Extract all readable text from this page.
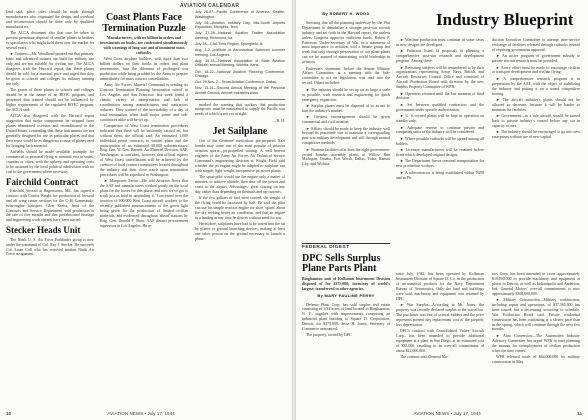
AVIATION CALENDAR

land said, place sales should be made through manufacturers who originated the design, and overhaul and reconversion should be done only by qualified manufacturers.

The ACCA document also that care be taken to prevent premature disposal of smaller planes to brokers or speculators who might hold them over the market for several years.

► Trainers—Mr. Woodhead pointed out that primary, basic and advanced trainers are built for military use only and are not suitable for civilian use. The ACCA disagrees with the Harvard report that these planes should be sold for a nominal price and urged that they be given to schools and colleges for military training use only.

The grants of these planes to schools and colleges should be in the nature of an ROTC program, and personnel thus trained should not be influenced by higher requirements of the regulated ROTC program, the ACCA said.

ACCA also disagreed with the Harvard report suggestion that major components be stripped from planes abandoned overseas and reconditioned in the United States, contending that these instruments are not generally designed for use in particular places and that their reuse would be as dangerous a reuse of planes used for bringing back material.

Airfields should be made available promptly for commercial or personal flying at nominal cost to states, counties or cities, with the upkeep and operating costs to be assumed by the local political subdivision with no cost to the government where necessary.

Fairchild Contract

Fairchild Aircraft at Hagerstown, Md., has signed a contract with Curtiss-Wright for production of forward and aft wing center sections for the C-46 Commando, twin-engine transport. Glen Kreiss, head of the Contracts and Service Department, said production at the rate of five months and that prefabricated fuselage and engineering work already have been started.

Stecker Heads Unit

The Ninth U. S. Air Force Pathfinder group is now under the command of Col. Ray J. Stecker. He succeeds Col. Lauer Coll who has received another Ninth Air Force assignment.

Coast Plants Face Termination Puzzle

Manufacturers, with no billion in orders and investments on books, are confronted simultaneously with warnings of long war and of imminent mass cutbacks.

West Coast airplane builders, with more than two billion dollars on their books in orders and plant investments, face the dilemma of prolonged war production while being prodded by the Army to prepare immediately for mass contract cancellations.

Army Air Forces Materiel Command is sending its Contract Termination Planning 'termination school' to Los Angeles and San Francisco last week found a chaotic variety of interpretation and lack of coordination among manufacturers and contractors reducers. They warned of the inevitability of a day of total termination when both major prime and sub-contractors alike will be set up.

Comparison of West Coast termination procedures indicated that these will be uniformly carried on, but without them, the official said. An estimated 1,000 individual prime contracts to written plans and the participation of an estimated 50,000 subcontractors. Brig. Gen. W. Gen. Barnett, Air Materiel Division, AAF, Washington, is confident, however, that official aspects of West Coast cancellations will be achieved by the creation of local contract committees located throughout the industry and their close watch upon termination procedures will be expedited in Washington.

► Manpower Factor—He told Aviation News that the AAF and manufacturers worked jointly on the local plans for the forces for this phase, and now we've got to work just as hard in unwinding it.' Concerned over the reaction of 600,000 West Coast aircraft workers to the recently published announcements of the green light being given for the production of limited civilian materials, and evidenced throughout 'ahead' stations by Brig. Gen. Donald F. Shaw, AAF district procurement supervisor in Los Angeles. He re-

July 26-27—Pacific Conference of America, Seattle, Washington.

July 26—Aviation Industry Day, Mid-South Airports Exposition, Memphis, Tenn.

July 27-28—National Aviation Trades Association meeting, Richmond, Va.

July 28—CAA Third Region, Springfield, Ill.

Aug. 1-2—Institute of Aeronautical Sciences summer meeting, Los Angeles.

Aug. 16-18—National Association of State Aviation Officials, annual Meeting, Wichita, Kans.

Oct. 18-22—National Aviation Planning Conference, Chicago.

Oct. 29-Nov. 2—Texas Aviation Conference, Dallas.

Nov. 13-14—Second Annual Meeting of the Personal Aircraft Council, Aircraft Industries Assn.

marked the warning that workers that production manpower must be maintained to supply the Pacific war needs of which is not yet in sight.

—R. H.

Jet Sailplane

Out of the Germans' meticulous pre-prepared Nazi bombs may come one of the most popular of postwar aviation sports—jet-propelled soaring. A well known engineer of the Army Air Forces Air Technical Service Command's engineering division at Wright Field said whether the jet engine might be adapted to sailplane use with simple, light-weight, inexpensive jet power plants.

The sport-pilot would use the engine only a matter of minutes, to achieve altitude, then shut off the power and coast to the airport. Advantages: great soaring on any day, rather than depending on thermals and up-currents.

If the few gallons of fuel were carried, the weight of the flying could be increased by half. He said the pilot can use his simple reaction engine for short 'spurts' about the sky seeking better air conditions, and that an engine in a landing at any time he desires without need for tow.

Heretofore, sailplanes have had to be towed into the air by planes or ground launching devices, making at least one other person on the ground necessary to launch a plane.

10	AVIATION NEWS • July 17, 1944
Industry Blueprint
By ROBERT H. WOOD

Stressing that all the planning underway by the War Department to demobilize a stronger post-war aircraft industry and set forth in the Harvard report, the useless unless Congress approves sufficient funds, Robert P. Patterson, Under-Secretary of War, in a statement of most importance to aviation, told a Senate group last week that only through preservation of our plane plants can we be assured of maintaining world leadership in aviation.

Patterson's statement, before the Senate Military Affairs Committee, at a meeting with the Sub-committee to act on legislation, was read into the record. Others included:

► The industry should be set up on as large a scale as possible, with research and engineering for quick emergency expansion.

► Surplus planes must be disposed of so as not to hurt the industry's market.

► Greatest encouragement should be given commercial and civil aviation.

► Efforts should be made to keep the industry well beyond its peacetime size to maintain a corresponding post-war military development and still through normal competitive methods.

► Wartime facilities of at least the eight government-owned bomber assembly plants at Willow Run Michigan, Omaha, Fort Worth, Dallas, Tulsa, Kansas City, and Wichita.

► Wartime production must continue in some cases as new designs are developed.

► Patterson listed 12 proposals in planning a comprehensive post-war research and development program. Among these:

► Revisiting subjects will be renumbered to by their organizations representing Army, Navy, British, and Aircraft Resources Council Office and consisted of Aircraft Production Board with direction by the new Surplus Property Committee of WPB.

► Operators retained until the last moment of final decision.

► Set between qualified contractors and the government under specific authorization.

► U. S.-owned plants will be kept in operation on standby only.

► Adequate reserve to continue private and competing units of the industry will be considered.

► Where possible cutbacks will be spread among all bidders.

► Licensee manufacturers will be retained before firms which developed original designs.

► The Department favors seasonal transportation for new production workers.

► A subcontractor is being established within WPB and in Ph-

duction Executive Committee to attempt inter-service exchange of facilities released through cutbacks instead of requiring government approval.

► An active program of government subsidy to private aircraft research must be provided.

► Every effort must be made to encourage civilian or transport development and civilian flying.

► A comprehensive research program is in preparation by the AAF, with the object of stabilizing the industry and putting it on a sound competitive footing.

► The aircraft industry's plants should not be allowed to decrease, because it will be harder to maintain the facilities.

► Government—as a rule aircraft should be turned back to private industry's control before any cut in capacity occurs.

► The industry should be encouraged to go into new enterprises without use of new capital.

FEDERAL DIGEST
DPC Sells Surplus Plane Parts Plant

Binghamton unit of Kollsman Instrument Division disposed of for $375,000; inventory of world's largest; transferred to other agencies.

By MARY PAULINE PERRY

Defense Plant Corp. has sold surplus real estate consisting of 3.34 acres of land located in Binghamton, N. Y., together with improvements comprising an industrial plant building to Square D. Corporation, Detroit, for $375,000, Jesse H. Jones, Secretary of Commerce announced.

The property, owned by DPC

since July, 1942, has been operated by Kollsman Instrument Division of Square D. Co. in the production of aeronautical products for the Navy Department Bureau of Aeronautics. Only the land and buildings were sold; machinery and equipment was retained by DPC.

► War Surplus—According to Mr. Jones, the property was recently declared surplus to the war effort. The purchaser was one of several bidders and the price represents present day replacement cost of the property less depreciation.

DPC's contract with Consolidated Vultee Aircraft Corp., has been amended to provide additional equipment at a plant in San Diego, at an estimated cost of $35,000, resulting in an over-all commitment of about $22,000,000.

The contract with General Mo-

tors Corp. has been amended to cover approximately $19,000,000 to provide machinery and equipment at plants in Detroit, as well as Indianapolis and Anderson, Ind. General Motors' over-all commitments is now approximately $300,000,000.

► Military Construction—Military construction, including repair and operations, of $37,565,000 has been issued, but a decreasing according to schedule. War Production Board said. Private residential construction has been continuing at a slower pace than in the spring, which will continue through the next few months.

► Auto Conversion—The Automotive Industry Advisory Committee has urged WPB to start planning the manner for reemployment of civilian production when the time comes.

WPB released totals of $64,000,000 for military construction in May.

AVIATION NEWS • July 17, 1944	11
